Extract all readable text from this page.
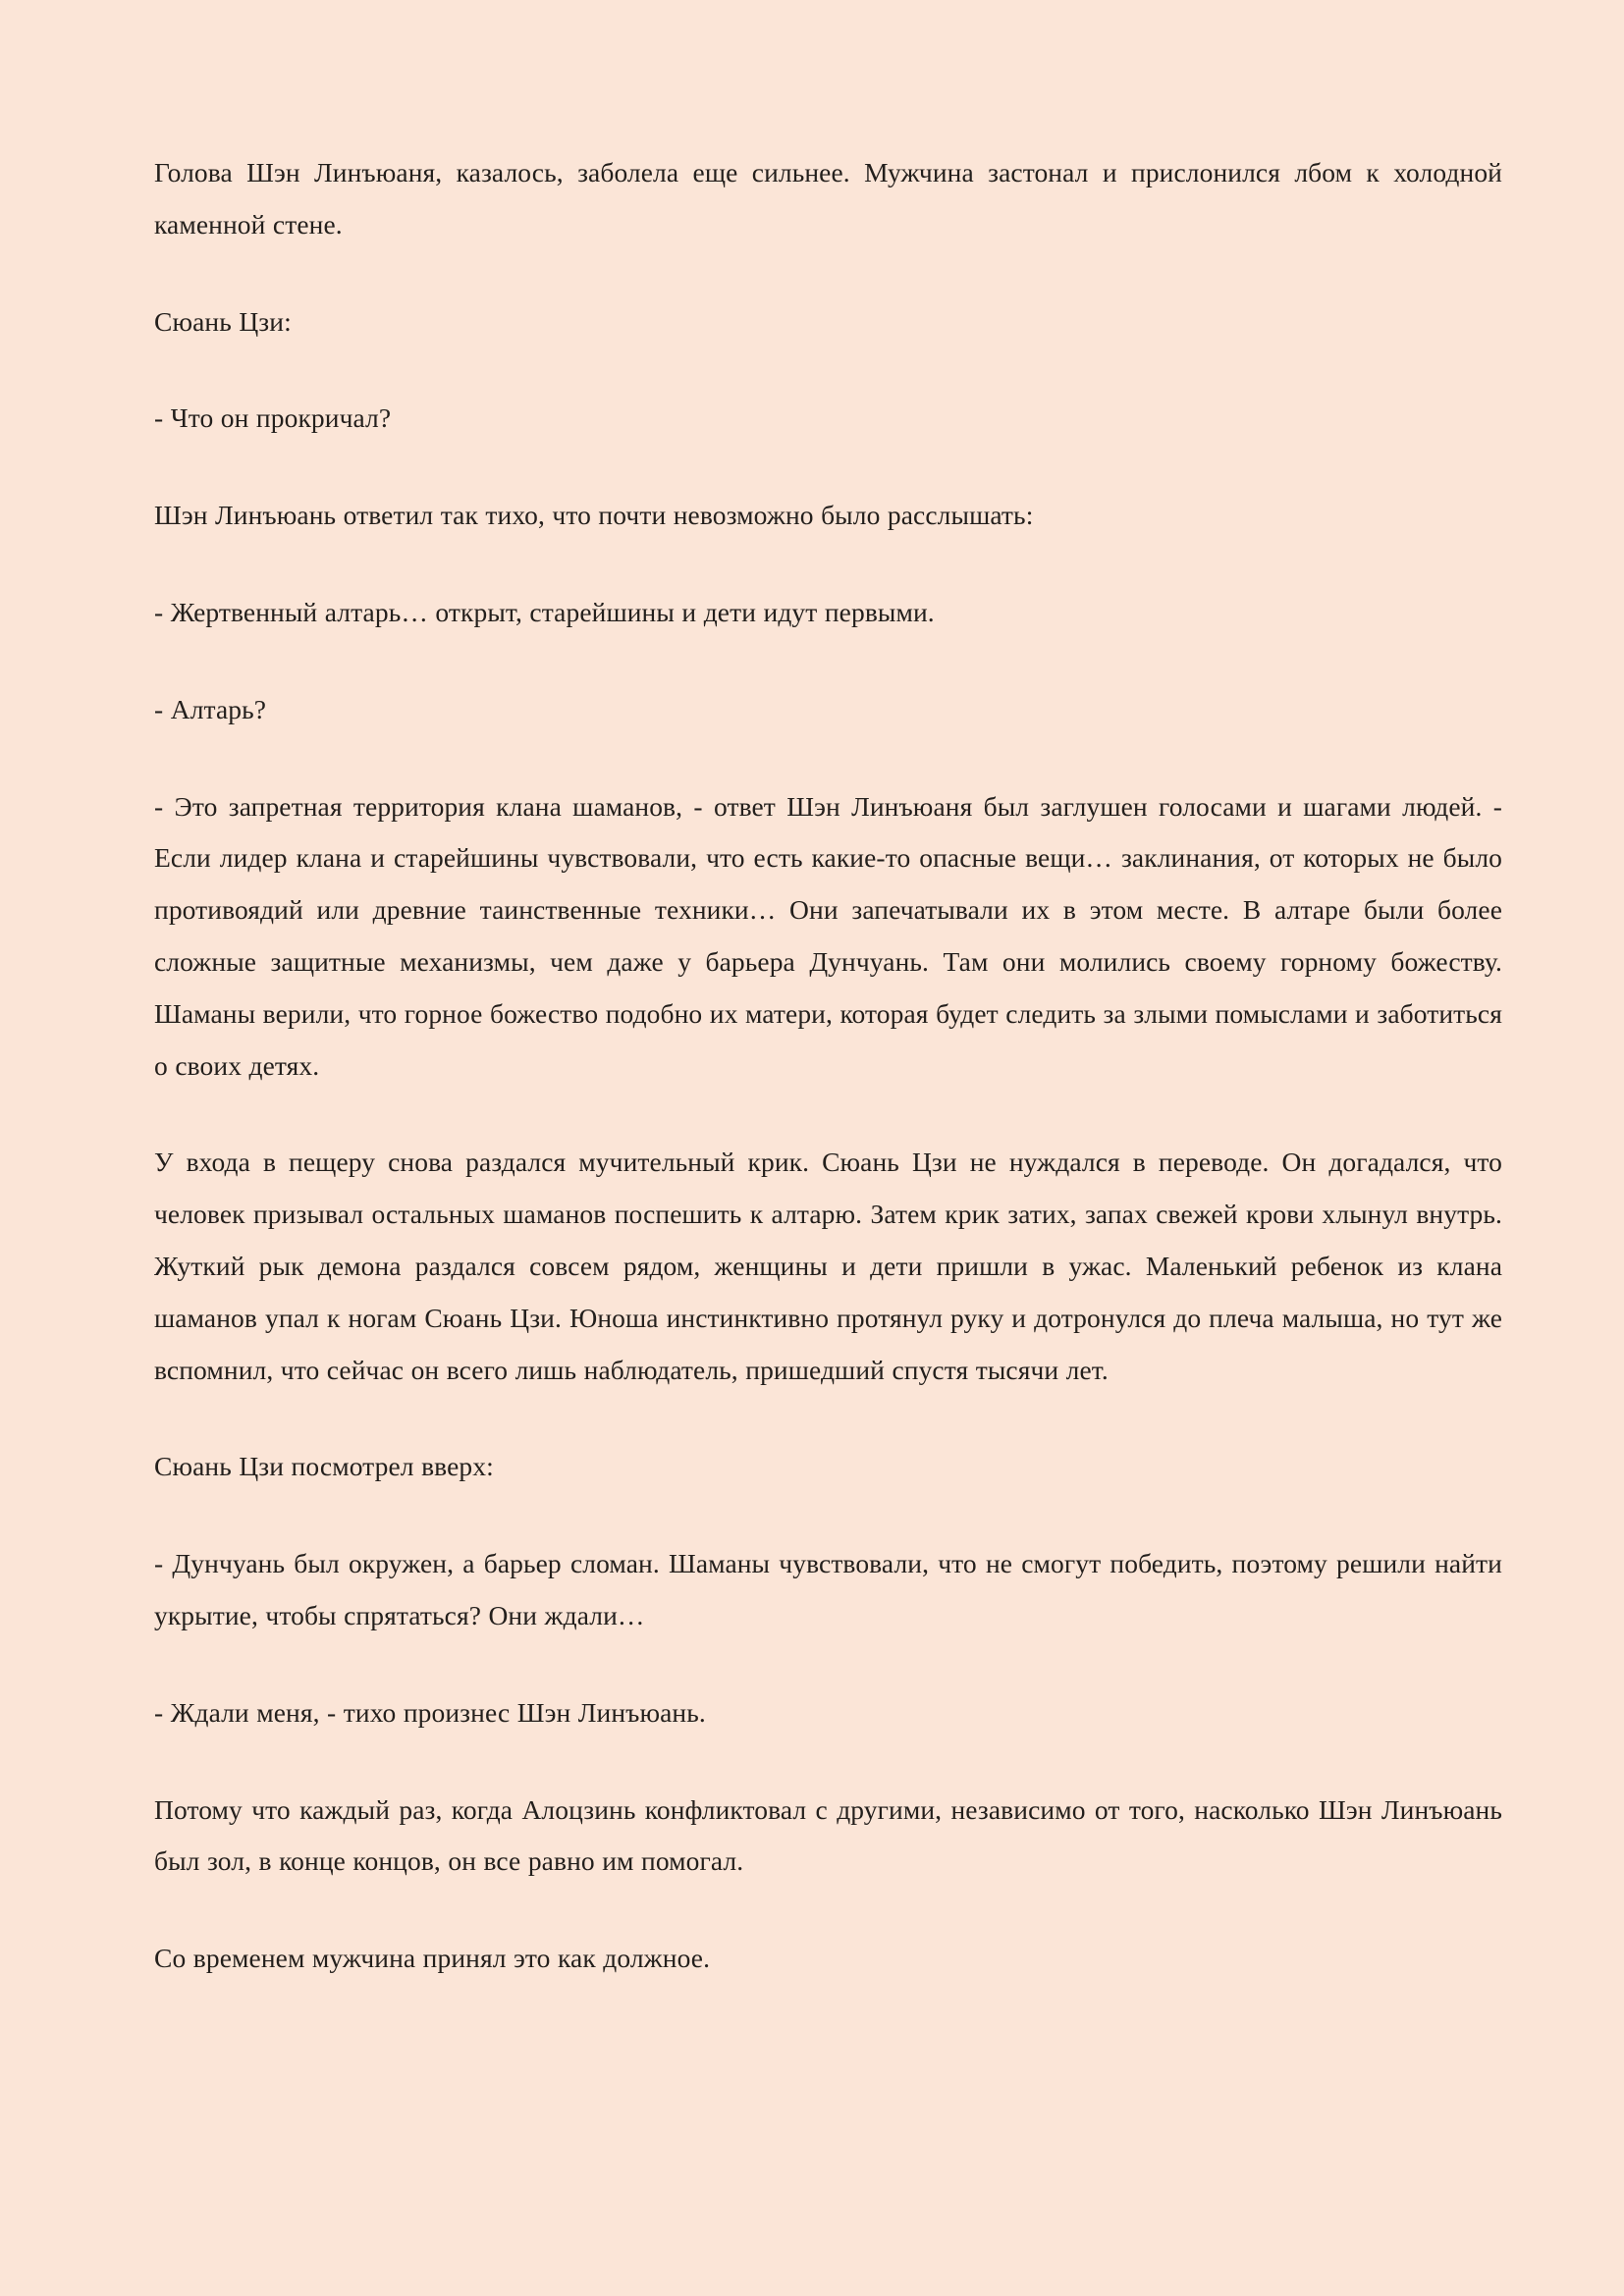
Голова Шэн Линъюаня, казалось, заболела еще сильнее. Мужчина застонал и прислонился лбом к холодной каменной стене.

Сюань Цзи:

- Что он прокричал?

Шэн Линъюань ответил так тихо, что почти невозможно было расслышать:

- Жертвенный алтарь… открыт, старейшины и дети идут первыми.

- Алтарь?

- Это запретная территория клана шаманов, - ответ Шэн Линъюаня был заглушен голосами и шагами людей. - Если лидер клана и старейшины чувствовали, что есть какие-то опасные вещи… заклинания, от которых не было противоядий или древние таинственные техники… Они запечатывали их в этом месте. В алтаре были более сложные защитные механизмы, чем даже у барьера Дунчуань. Там они молились своему горному божеству. Шаманы верили, что горное божество подобно их матери, которая будет следить за злыми помыслами и заботиться о своих детях.

У входа в пещеру снова раздался мучительный крик. Сюань Цзи не нуждался в переводе. Он догадался, что человек призывал остальных шаманов поспешить к алтарю. Затем крик затих, запах свежей крови хлынул внутрь. Жуткий рык демона раздался совсем рядом, женщины и дети пришли в ужас. Маленький ребенок из клана шаманов упал к ногам Сюань Цзи. Юноша инстинктивно протянул руку и дотронулся до плеча малыша, но тут же вспомнил, что сейчас он всего лишь наблюдатель, пришедший спустя тысячи лет.

Сюань Цзи посмотрел вверх:

- Дунчуань был окружен, а барьер сломан. Шаманы чувствовали, что не смогут победить, поэтому решили найти укрытие, чтобы спрятаться? Они ждали…

- Ждали меня, - тихо произнес Шэн Линъюань.

Потому что каждый раз, когда Алоцзинь конфликтовал с другими, независимо от того, насколько Шэн Линъюань был зол, в конце концов, он все равно им помогал.

Со временем мужчина принял это как должное.
